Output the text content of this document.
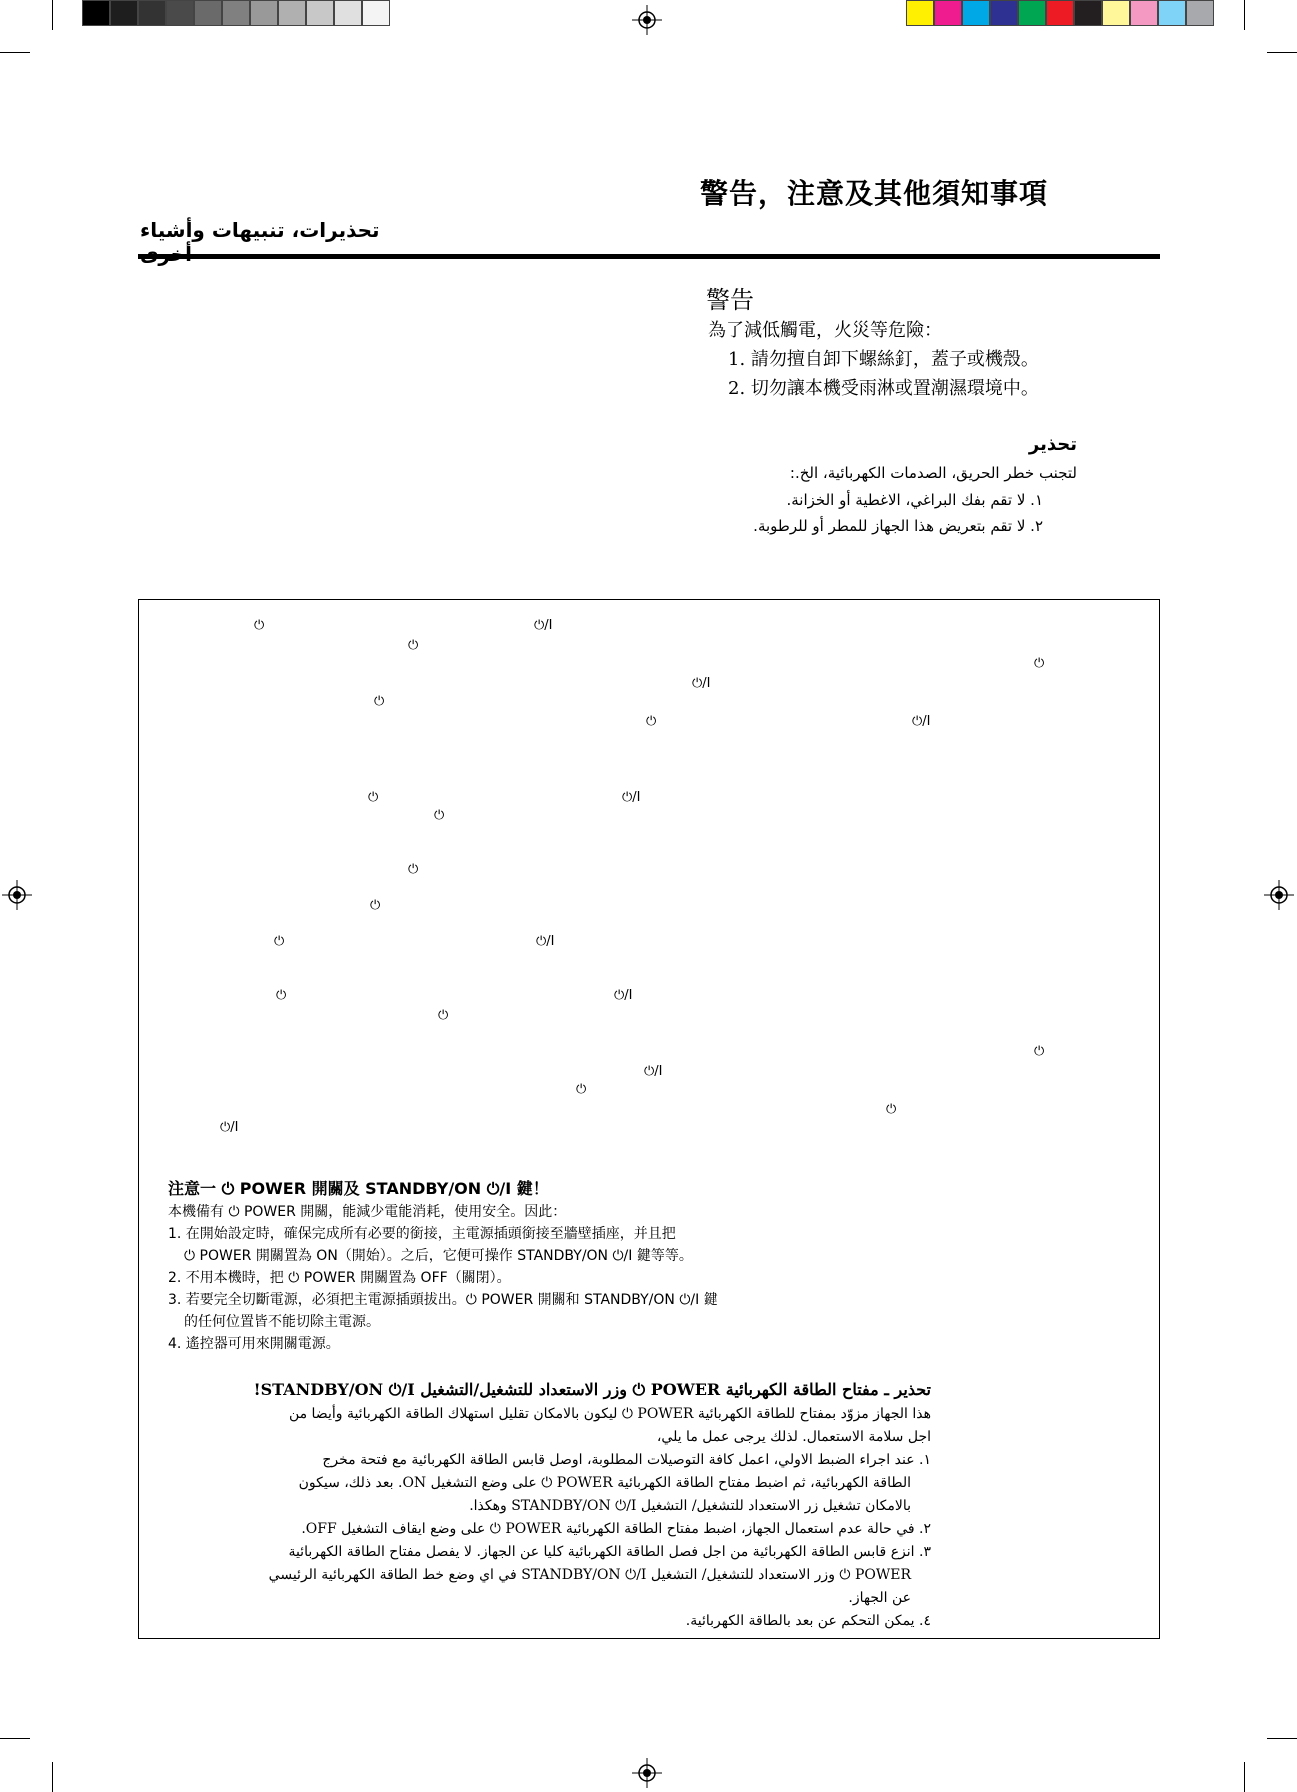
警告，注意及其他須知事項
تحذيرات، تنبيهات وأشياء
警告
為了減低觸電，火災等危險：
1. 請勿擅自卸下螺絲釘，蓋子或機殼。
2. 切勿讓本機受雨淋或置潮濕環境中。
تحذير
لتجنب خطر الحريق، الصدمات الكهربائية، الخ.:
١. لا تقم بفك البراغي، الاغطية أو الخزانة.
٢. لا تقم بتعريض هذا الجهاز للمطر أو للرطوبة.
⏻	⏻/I
⏻
⏻
⏻/I
⏻
⏻	⏻/I
⏻	⏻/I
⏻
⏻
⏻
⏻	⏻/I
⏻	⏻/I
⏻
⏻
⏻/I
⏻
⏻
⏻/I
注意一 ⏻ POWER 開關及 STANDBY/ON ⏻/I 鍵！
本機備有 ⏻ POWER 開關，能減少電能消耗，使用安全。因此：
1. 在開始設定時，確保完成所有必要的銜接，主電源插頭銜接至牆壁插座，并且把
⏻ POWER 開關置為 ON（開始）。之后，它便可操作 STANDBY/ON ⏻/I 鍵等等。
2. 不用本機時，把 ⏻ POWER 開關置為 OFF（關閉）。
3. 若要完全切斷電源，必須把主電源插頭拔出。⏻ POWER 開關和 STANDBY/ON ⏻/I 鍵
的任何位置皆不能切除主電源。
4. 遙控器可用來開關電源。
تحذير ـ مفتاح الطاقة الكهربائية POWER ⏻ وزر الاستعداد للتشغيل/التشغيل STANDBY/ON ⏻/I!
هذا الجهاز مزوّد بمفتاح للطاقة الكهربائية POWER ⏻ ليكون بالامكان تقليل استهلاك الطاقة الكهربائية وأيضا من
اجل سلامة الاستعمال. لذلك يرجى عمل ما يلي،
١. عند اجراء الضبط الاولي، اعمل كافة التوصيلات المطلوبة، اوصل قابس الطاقة الكهربائية مع فتحة مخرج
الطاقة الكهربائية، ثم اضبط مفتاح الطاقة الكهربائية POWER ⏻ على وضع التشغيل ON. بعد ذلك، سيكون
بالامكان تشغيل زر الاستعداد للتشغيل/ التشغيل STANDBY/ON ⏻/I وهكذا.
٢. في حالة عدم استعمال الجهاز، اضبط مفتاح الطاقة الكهربائية POWER ⏻ على وضع ايقاف التشغيل OFF.
٣. انزع قابس الطاقة الكهربائية من اجل فصل الطاقة الكهربائية كليا عن الجهاز. لا يفصل مفتاح الطاقة الكهربائية
POWER ⏻ وزر الاستعداد للتشغيل/ التشغيل STANDBY/ON ⏻/I في اي وضع خط الطاقة الكهربائية الرئيسي
عن الجهاز.
٤. يمكن التحكم عن بعد بالطاقة الكهربائية.
